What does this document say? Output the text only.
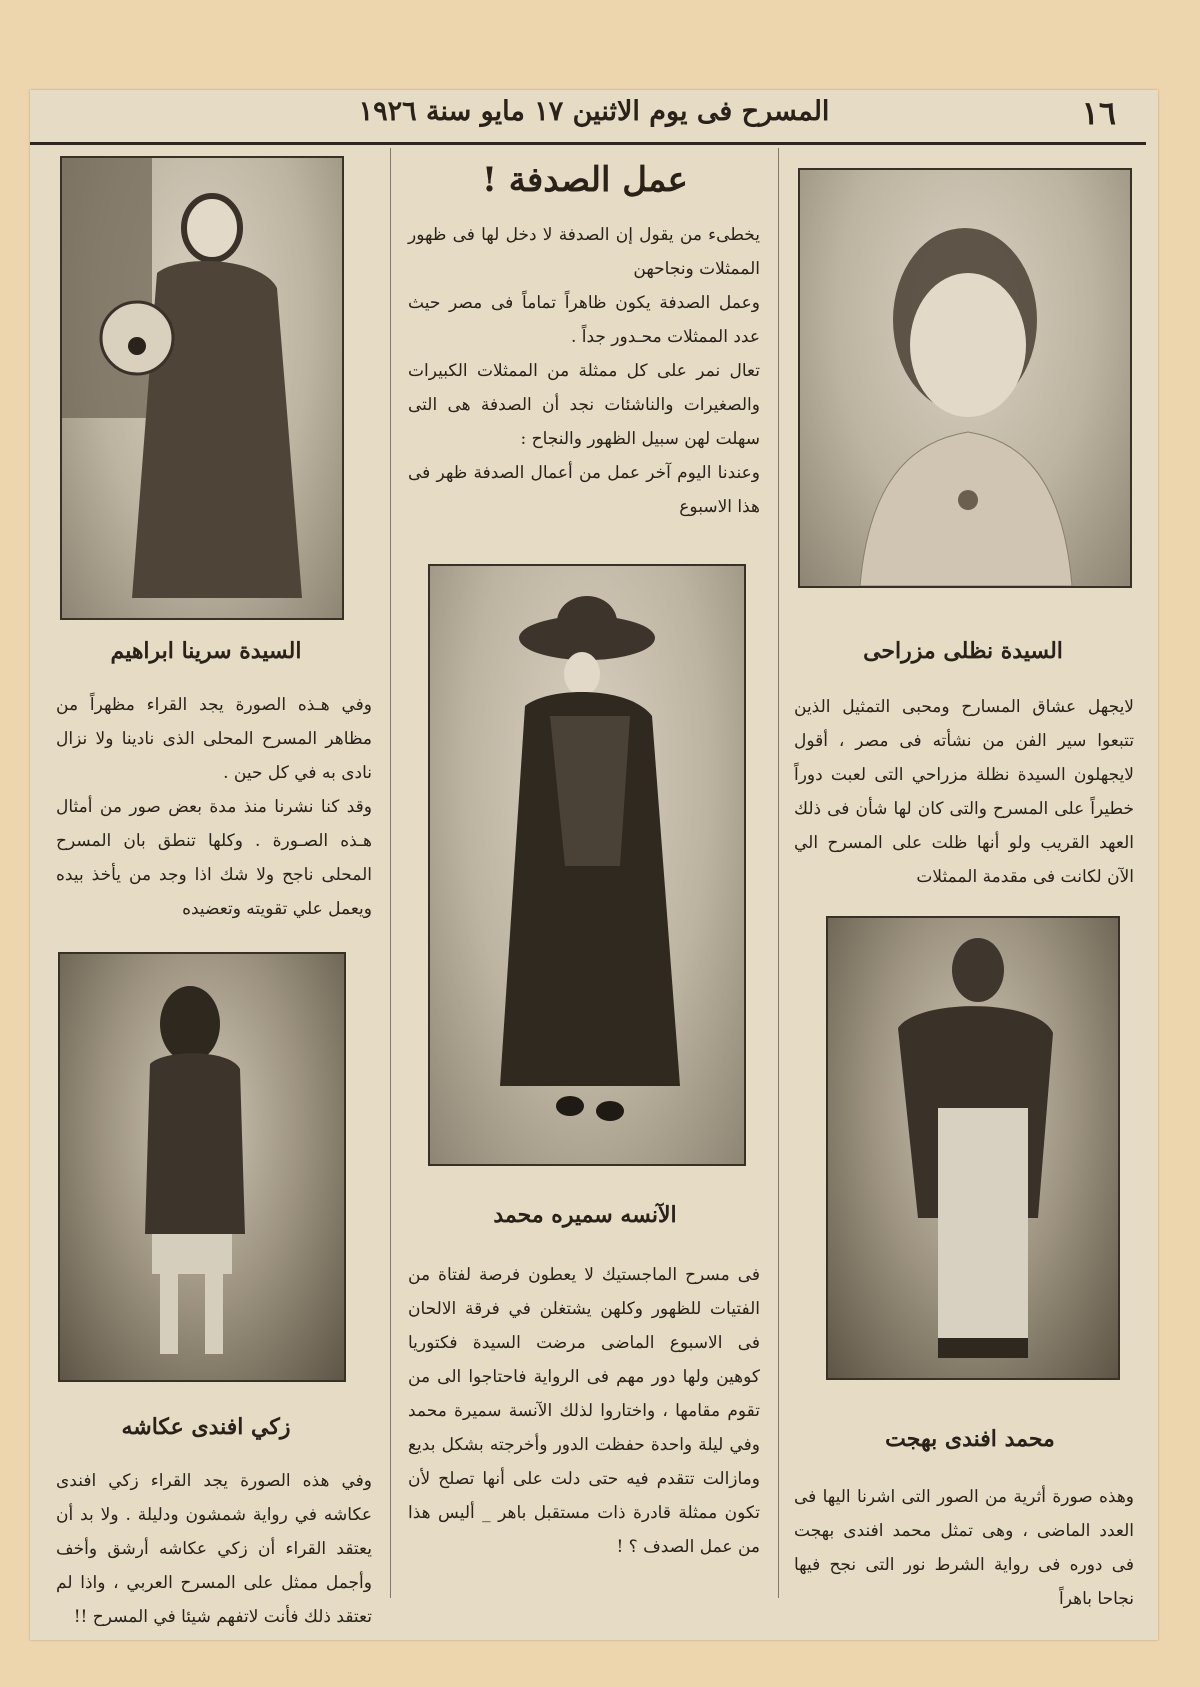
المسرح فى يوم الاثنين ١٧ مايو سنة ١٩٢٦	١٦
السيدة نظلى مزراحى

لايجهل عشاق المسارح ومحبى التمثيل الذين تتبعوا سير الفن من نشأته فى مصر ، أقول لايجهلون السيدة نظلة مزراحي التى لعبت دوراً خطيراً على المسرح والتى كان لها شأن فى ذلك العهد القريب ولو أنها ظلت على المسرح الي الآن لكانت فى مقدمة الممثلات

محمد افندى بهجت

وهذه صورة أثرية من الصور التى اشرنا اليها فى العدد الماضى ، وهى تمثل محمد افندى بهجت فى دوره فى رواية الشرط نور التى نجح فيها نجاحا باهراً

عمل الصدفة !

يخطىء من يقول إن الصدفة لا دخل لها فى ظهور الممثلات ونجاحهن

وعمل الصدفة يكون ظاهراً تماماً فى مصر حيث عدد الممثلات محـدور جداً .

تعال نمر على كل ممثلة من الممثلات الكبيرات والصغيرات والناشئات نجد أن الصدفة هى التى سهلت لهن سبيل الظهور والنجاح :

وعندنا اليوم آخر عمل من أعمال الصدفة ظهر فى هذا الاسبوع

الآنسه سميره محمد

فى مسرح الماجستيك لا يعطون فرصة لفتاة من الفتيات للظهور وكلهن يشتغلن في فرقة الالحان فى الاسبوع الماضى مرضت السيدة فكتوريا كوهين ولها دور مهم فى الرواية فاحتاجوا الى من تقوم مقامها ، واختاروا لذلك الآنسة سميرة محمد وفي ليلة واحدة حفظت الدور وأخرجته بشكل بديع ومازالت تتقدم فيه حتى دلت على أنها تصلح لأن تكون ممثلة قادرة ذات مستقبل باهر _ أليس هذا من عمل الصدف ؟ !

السيدة سرينا ابراهيم

وفي هـذه الصورة يجد القراء مظهراً من مظاهر المسرح المحلى الذى نادينا ولا نزال نادى به في كل حين .

وقد كنا نشرنا منذ مدة بعض صور من أمثال هـذه الصـورة . وكلها تنطق بان المسرح المحلى ناجح ولا شك اذا وجد من يأخذ بيده ويعمل علي تقويته وتعضيده

زكي افندى عكاشه

وفي هذه الصورة يجد القراء زكي افندى عكاشه في رواية شمشون ودليلة . ولا بد أن يعتقد القراء أن زكي عكاشه أرشق وأخف وأجمل ممثل على المسرح العربي ، واذا لم تعتقد ذلك فأنت لاتفهم شيئا في المسرح !!
